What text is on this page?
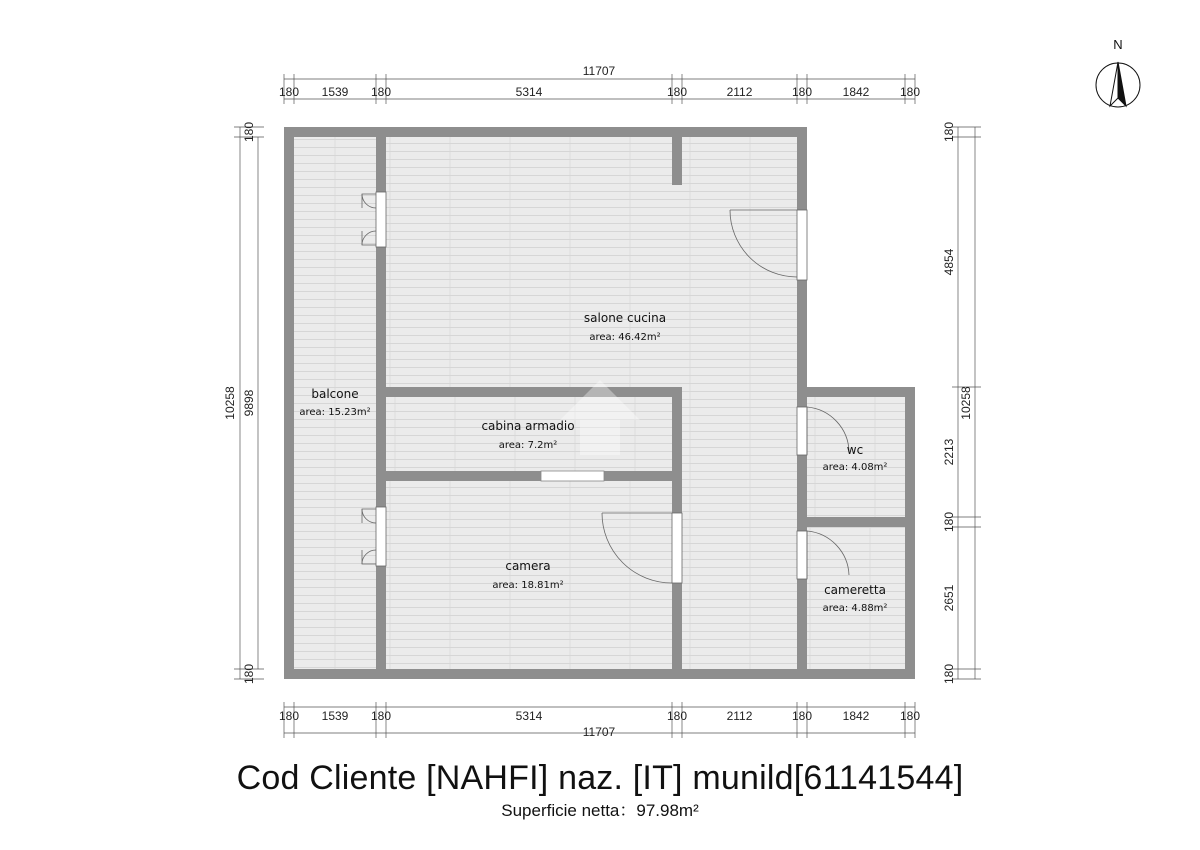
salone cucina
area: 46.42m²
balcone
area: 15.23m²
cabina armadio
area: 7.2m²
camera
area: 18.81m²
wc
area: 4.08m²
cameretta
area: 4.88m²
180 1539 180	5314	180	2112	180	1842	180
11707
180 1539 180	5314	180	2112	180	1842	180
11707
10258 9898
180
180
180
4854
2213
180
2651
180
10258
N
Cod Cliente [NAHFI] naz. [IT] munild[61141544]
Superficie netta：97.98m²
